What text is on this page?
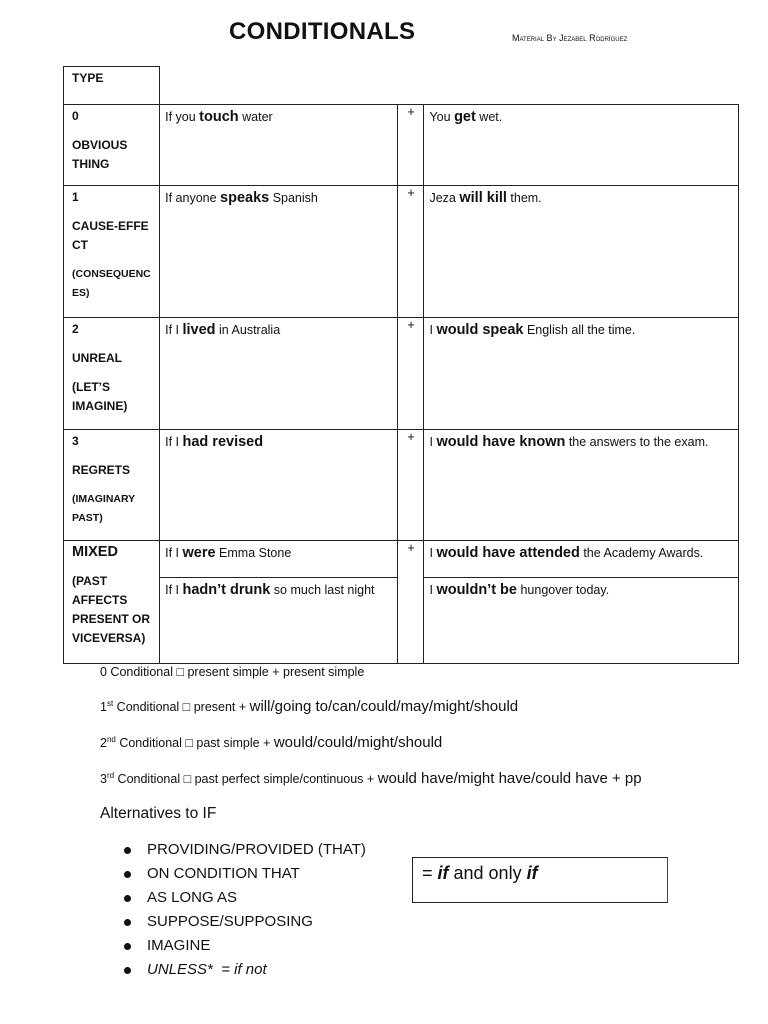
CONDITIONALS	Material By Jezabel Rodríguez
TYPE			

0
OBVIOUS THING	If you touch water	+	You get wet.

1
CAUSE-EFFECT
(CONSEQUENCES)	If anyone speaks Spanish	+	Jeza will kill them.

2
UNREAL
(LET’S IMAGINE)	If I lived in Australia	+	I would speak English all the time.

3
REGRETS
(IMAGINARY PAST)	If I had revised	+	I would have known the answers to the exam.

MIXED
(PAST AFFECTS PRESENT OR VICEVERSA)	If I were Emma Stone	+	I would have attended the Academy Awards.

	If I hadn’t drunk so much last night		I wouldn’t be hungover today.
0 Conditional □ present simple + present simple
1st Conditional □ present + will/going to/can/could/may/might/should
2nd Conditional □ past simple + would/could/might/should
3rd Conditional □ past perfect simple/continuous + would have/might have/could have + pp
Alternatives to IF
PROVIDING/PROVIDED (THAT)
ON CONDITION THAT
AS LONG AS
SUPPOSE/SUPPOSING
IMAGINE
UNLESS*  = if not
= if and only if
